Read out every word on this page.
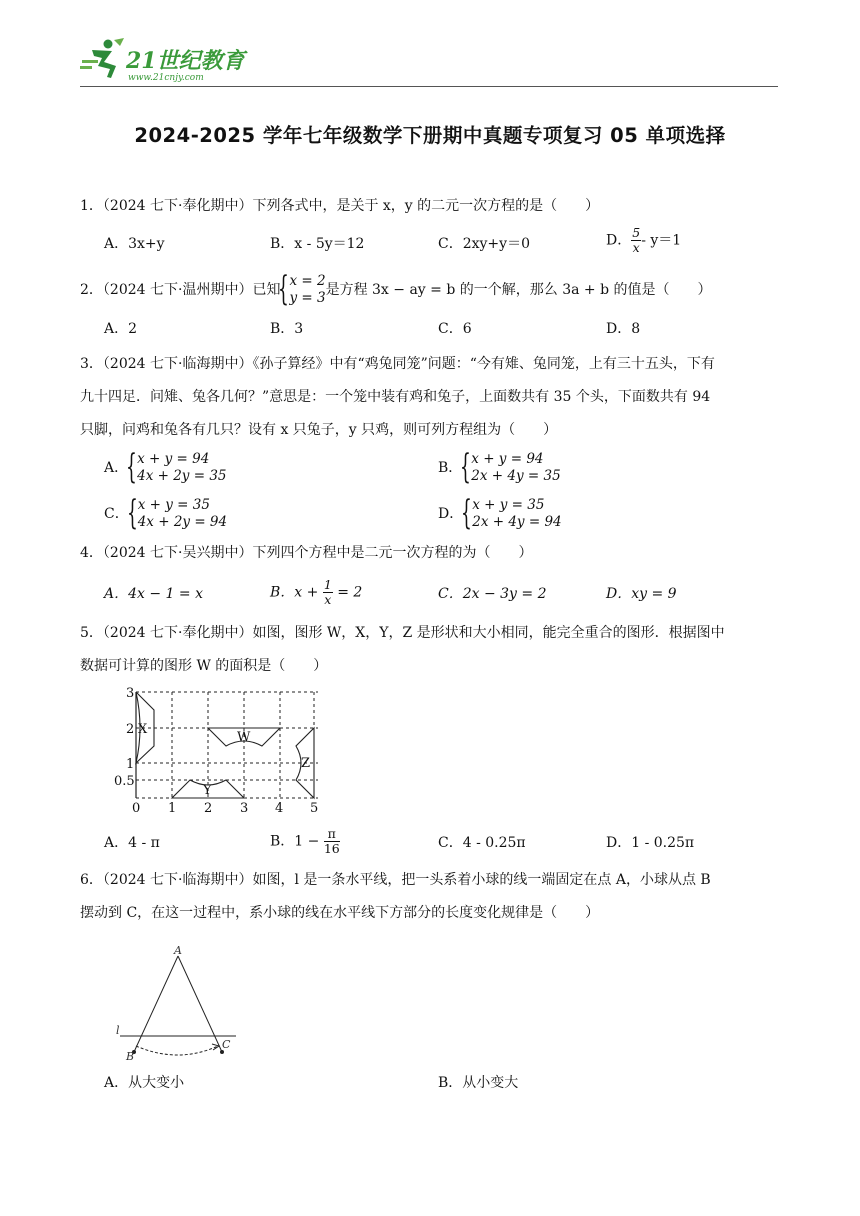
21世纪教育
www.21cnjy.com
2024-2025 学年七年级数学下册期中真题专项复习 05 单项选择
1．（2024 七下·奉化期中）下列各式中，是关于 x，y 的二元一次方程的是（　　）
A．3x+y	B．x - 5y＝12	C．2xy+y＝0	D． $\frac{5}{x} - y=1$
2．（2024 七下·温州期中）已知
{ x = 2
y = 3 是方程 3x − ay = b 的一个解，那么 3a + b 的值是（　　）
A．2	B．3	C．6	D．8
3．（2024 七下·临海期中）《孙子算经》中有“鸡兔同笼”问题：“今有雉、兔同笼，上有三十五头，下有
九十四足．问雉、兔各几何？”意思是：一个笼中装有鸡和兔子，上面数共有 35 个头，下面数共有 94
只脚，问鸡和兔各有几只？设有 x 只兔子，y 只鸡，则可列方程组为（　　）
A．
{ x + y = 94
4x + 2y = 35	B．
{ x + y = 94
2x + 4y = 35
C．
{ x + y = 35
4x + 2y = 94	D．
{ x + y = 35
2x + 4y = 94
4．（2024 七下·吴兴期中）下列四个方程中是二元一次方程的为（　　）
A．4x − 1 = x	B．$x + \frac{1}{x} = 2$	C．2x − 3y = 2	D．xy = 9
5．（2024 七下·奉化期中）如图，图形 W，X，Y，Z 是形状和大小相同，能完全重合的图形．根据图中
数据可计算的图形 W 的面积是（　　）
3
2
1
0.5
0 1 2 3 4 5
X
W
Y
Z
A．4 - π	B．$1 - \frac{\pi}{16}$	C．4 - 0.25π	D．1 - 0.25π
6．（2024 七下·临海期中）如图，l 是一条水平线，把一头系着小球的线一端固定在点 A，小球从点 B
摆动到 C，在这一过程中，系小球的线在水平线下方部分的长度变化规律是（　　）
A
l
B
C
A．从大变小	B．从小变大
